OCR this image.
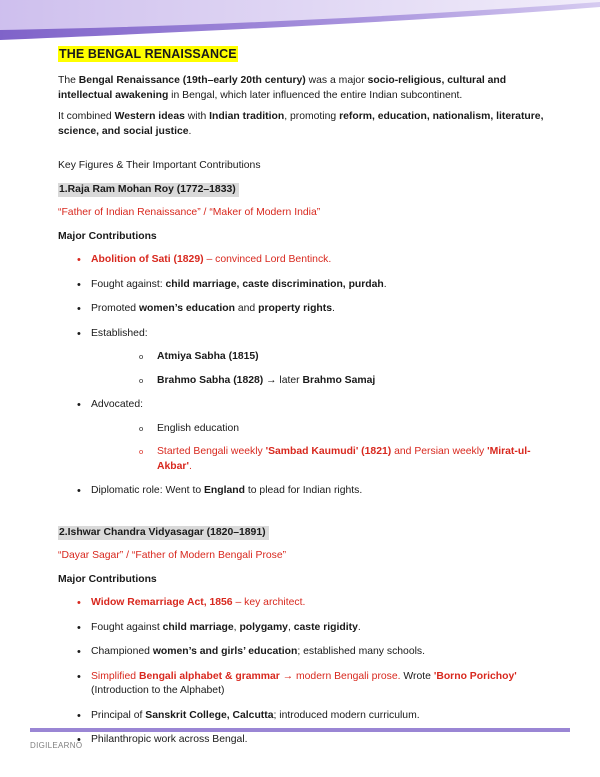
THE BENGAL RENAISSANCE

The Bengal Renaissance (19th–early 20th century) was a major socio-religious, cultural and intellectual awakening in Bengal, which later influenced the entire Indian subcontinent.

It combined Western ideas with Indian tradition, promoting reform, education, nationalism, literature, science, and social justice.

Key Figures & Their Important Contributions
1.Raja Ram Mohan Roy (1772–1833)
“Father of Indian Renaissance” / “Maker of Modern India”
Major Contributions
• Abolition of Sati (1829) – convinced Lord Bentinck.
• Fought against: child marriage, caste discrimination, purdah.
• Promoted women’s education and property rights.
• Established:
o Atmiya Sabha (1815)
o Brahmo Sabha (1828) → later Brahmo Samaj
• Advocated:
o English education
o Started Bengali weekly 'Sambad Kaumudi' (1821) and Persian weekly 'Mirat-ul-Akbar'.
• Diplomatic role: Went to England to plead for Indian rights.
2.Ishwar Chandra Vidyasagar (1820–1891)
“Dayar Sagar” / “Father of Modern Bengali Prose”
Major Contributions
• Widow Remarriage Act, 1856 – key architect.
• Fought against child marriage, polygamy, caste rigidity.
• Championed women’s and girls’ education; established many schools.
• Simplified Bengali alphabet & grammar → modern Bengali prose. Wrote 'Borno Porichoy' (Introduction to the Alphabet)
• Principal of Sanskrit College, Calcutta; introduced modern curriculum.
• Philanthropic work across Bengal.
DIGILEARNO
